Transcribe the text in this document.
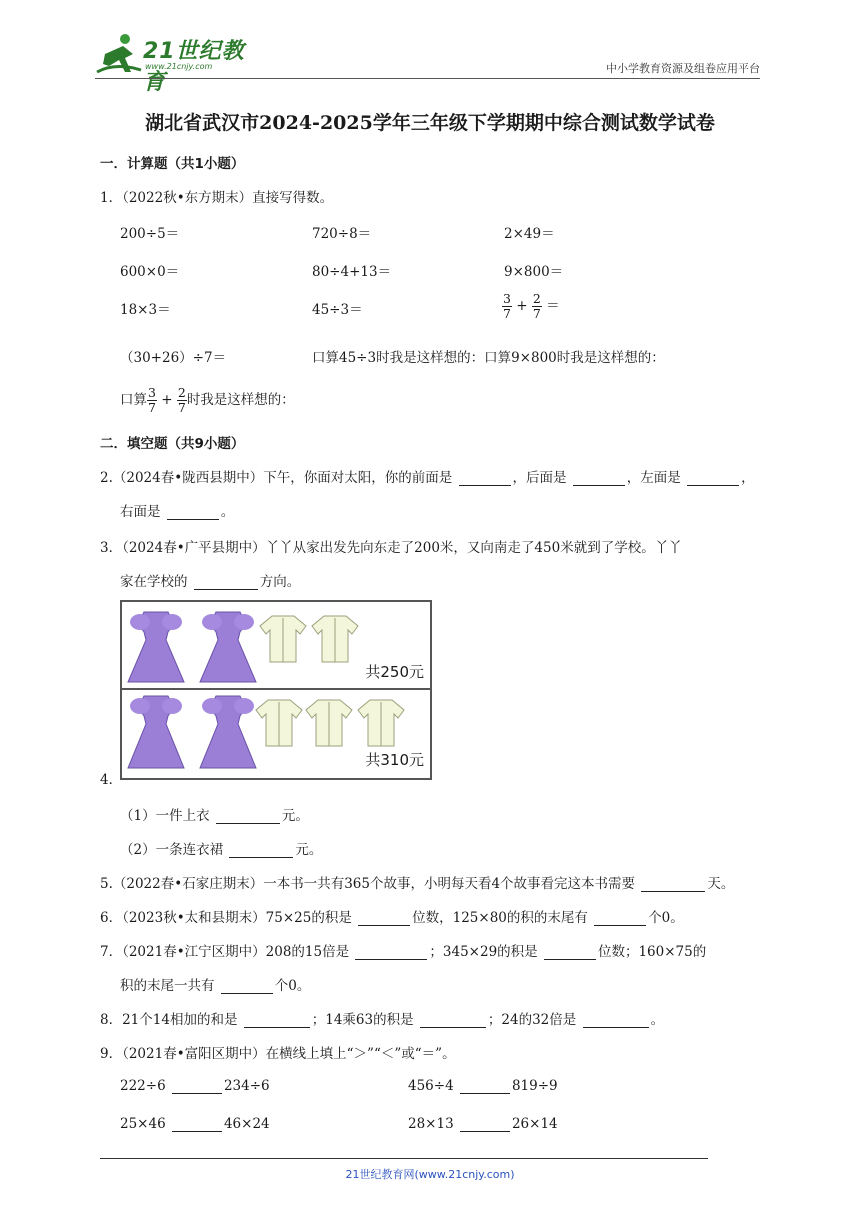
21世纪教育
www.21cnjy.com	中小学教育资源及组卷应用平台
湖北省武汉市2024-2025学年三年级下学期期中综合测试数学试卷
一．计算题（共1小题）
1．（2022秋•东方期末）直接写得数。
200÷5＝	720÷8＝	2×49＝
600×0＝	80÷4+13＝	9×800＝
18×3＝	45÷3＝	$\frac{3}{7} + \frac{2}{7}$ ＝
（30+26）÷7＝	口算45÷3时我是这样想的：口算9×800时我是这样想的：
口算 $\frac{3}{7} + \frac{2}{7}$ 时我是这样想的：
二．填空题（共9小题）
2.（2024春•陇西县期中）下午，你面对太阳，你的前面是	，后面是	，左面是	，
右面是	。
3．（2024春•广平县期中）丫丫从家出发先向东走了200米，又向南走了450米就到了学校。丫丫
家在学校的	方向。
共250元
共310元
4．
（1）一件上衣	元。
（2）一条连衣裙	元。
5.（2022春•石家庄期末）一本书一共有365个故事，小明每天看4个故事看完这本书需要	天。
6．（2023秋•太和县期末）75×25的积是	位数，125×80的积的末尾有	个0。
7．（2021春•江宁区期中）208的15倍是	；345×29的积是	位数；160×75的
积的末尾一共有	个0。
8．21个14相加的和是	；14乘63的积是	；24的32倍是	。
9．（2021春•富阳区期中）在横线上填上“＞”“＜”或“＝”。
222÷6	234÷6	456÷4	819÷9
25×46	46×24	28×13	26×14
21世纪教育网(www.21cnjy.com)
